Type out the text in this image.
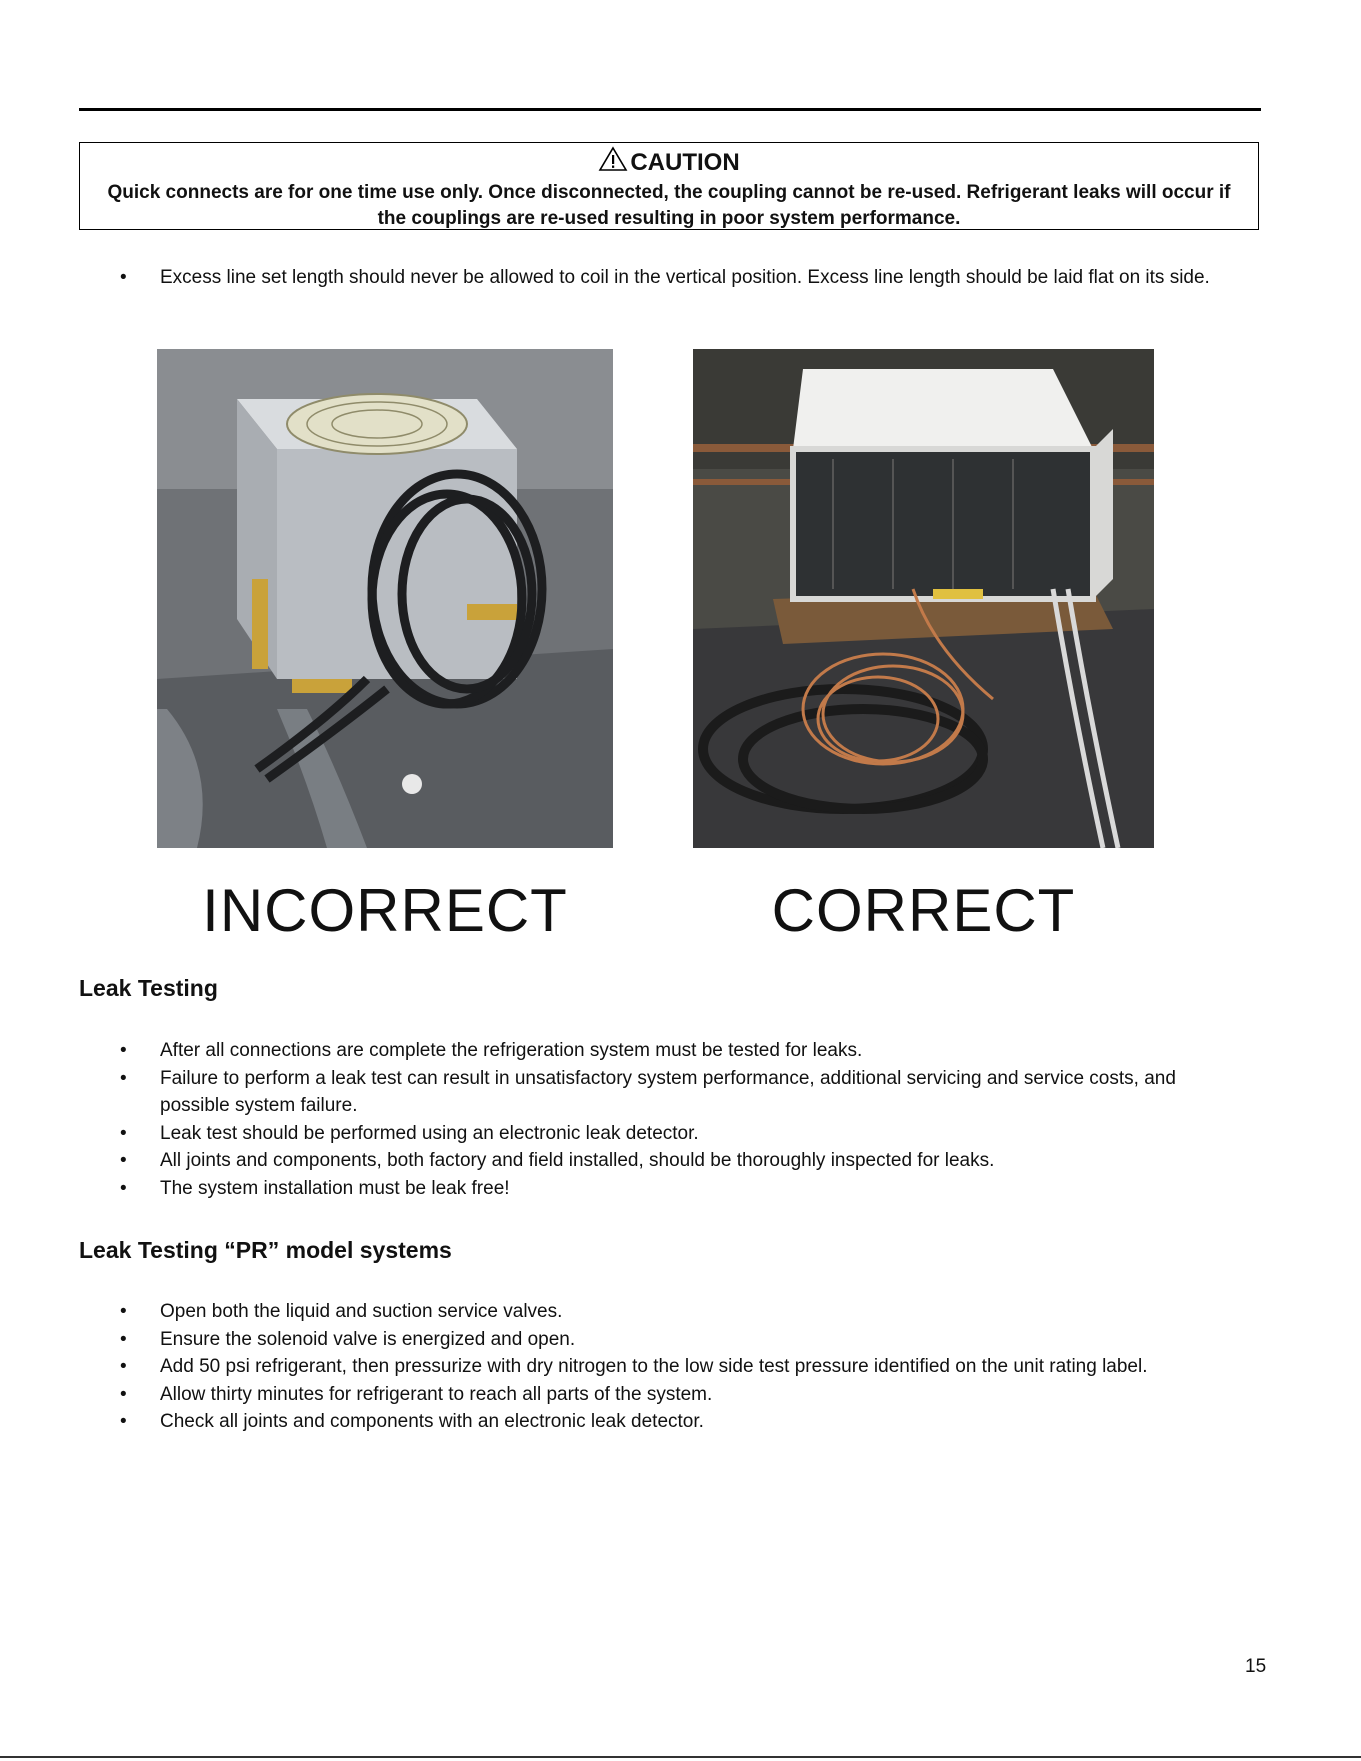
CAUTION
Quick connects are for one time use only. Once disconnected, the coupling cannot be re-used. Refrigerant leaks will occur if the couplings are re-used resulting in poor system performance.
• Excess line set length should never be allowed to coil in the vertical position. Excess line length should be laid flat on its side.
INCORRECT	CORRECT
Leak Testing
• After all connections are complete the refrigeration system must be tested for leaks.
• Failure to perform a leak test can result in unsatisfactory system performance, additional servicing and service costs, and possible system failure.
• Leak test should be performed using an electronic leak detector.
• All joints and components, both factory and field installed, should be thoroughly inspected for leaks.
• The system installation must be leak free!
Leak Testing “PR” model systems
• Open both the liquid and suction service valves.
• Ensure the solenoid valve is energized and open.
• Add 50 psi refrigerant, then pressurize with dry nitrogen to the low side test pressure identified on the unit rating label.
• Allow thirty minutes for refrigerant to reach all parts of the system.
• Check all joints and components with an electronic leak detector.
15
